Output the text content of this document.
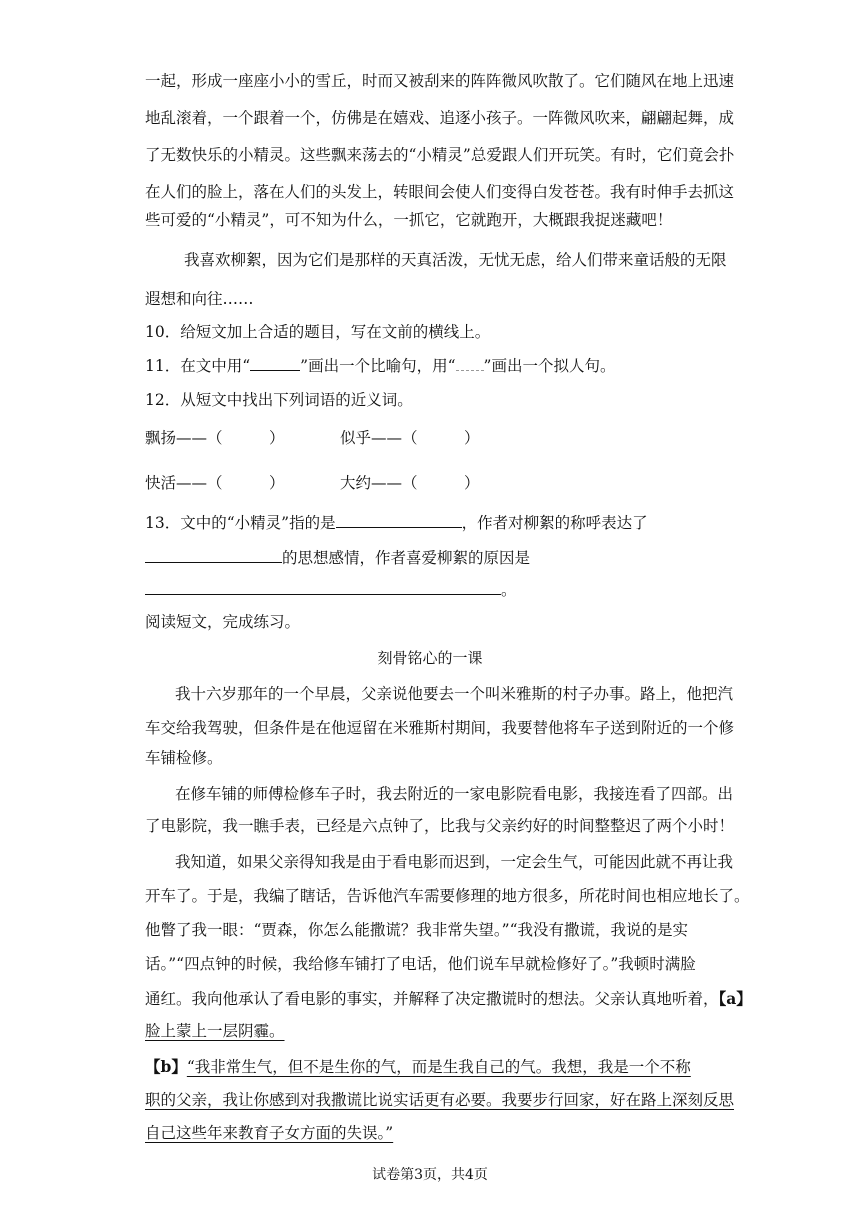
一起，形成一座座小小的雪丘，时而又被刮来的阵阵微风吹散了。它们随风在地上迅速
地乱滚着，一个跟着一个，仿佛是在嬉戏、追逐小孩子。一阵微风吹来，翩翩起舞，成
了无数快乐的小精灵。这些飘来荡去的“小精灵”总爱跟人们开玩笑。有时，它们竟会扑
在人们的脸上，落在人们的头发上，转眼间会使人们变得白发苍苍。我有时伸手去抓这
些可爱的“小精灵”，可不知为什么，一抓它，它就跑开，大概跟我捉迷藏吧！
我喜欢柳絮，因为它们是那样的天真活泼，无忧无虑，给人们带来童话般的无限
遐想和向往……
10．给短文加上合适的题目，写在文前的横线上。
11．在文中用“	”画出一个比喻句，用“ ”画出一个拟人句。
12．从短文中找出下列词语的近义词。
飘扬——（　　　）	似乎——（　　　）
快活——（　　　）	大约——（　　　）
13．文中的“小精灵”指的是	，作者对柳絮的称呼表达了
的思想感情，作者喜爱柳絮的原因是
。
阅读短文，完成练习。
刻骨铭心的一课
我十六岁那年的一个早晨，父亲说他要去一个叫米雅斯的村子办事。路上，他把汽
车交给我驾驶，但条件是在他逗留在米雅斯村期间，我要替他将车子送到附近的一个修
车铺检修。
在修车铺的师傅检修车子时，我去附近的一家电影院看电影，我接连看了四部。出
了电影院，我一瞧手表，已经是六点钟了，比我与父亲约好的时间整整迟了两个小时！
我知道，如果父亲得知我是由于看电影而迟到，一定会生气，可能因此就不再让我
开车了。于是，我编了瞎话，告诉他汽车需要修理的地方很多，所花时间也相应地长了。
他瞥了我一眼：“贾森，你怎么能撒谎？我非常失望。”“我没有撒谎，我说的是实
话。”“四点钟的时候，我给修车铺打了电话，他们说车早就检修好了。”我顿时满脸
通红。我向他承认了看电影的事实，并解释了决定撒谎时的想法。父亲认真地听着，【a】
脸上蒙上一层阴霾。
【b】“我非常生气，但不是生你的气，而是生我自己的气。我想，我是一个不称
职的父亲，我让你感到对我撒谎比说实话更有必要。我要步行回家，好在路上深刻反思
自己这些年来教育子女方面的失误。”
试卷第3页，共4页
